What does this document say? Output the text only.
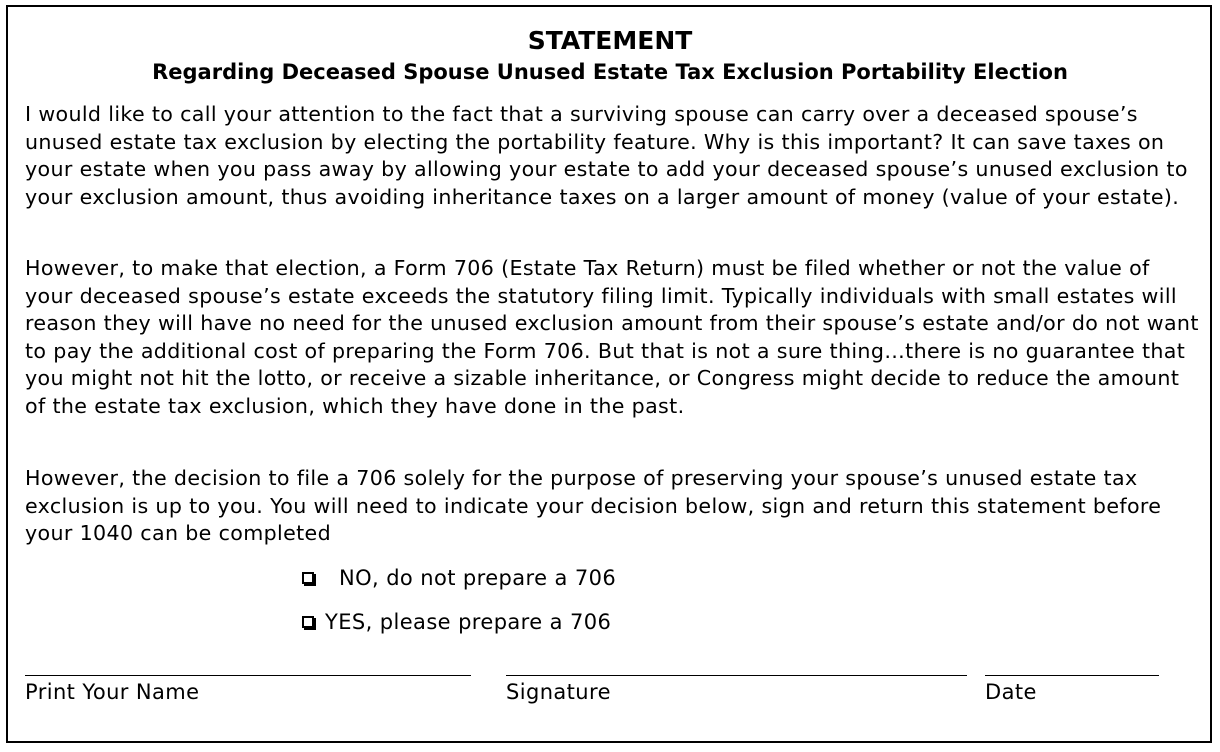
STATEMENT
Regarding Deceased Spouse Unused Estate Tax Exclusion Portability Election

I would like to call your attention to the fact that a surviving spouse can carry over a deceased spouse’s unused estate tax exclusion by electing the portability feature. Why is this important? It can save taxes on your estate when you pass away by allowing your estate to add your deceased spouse’s unused exclusion to your exclusion amount, thus avoiding inheritance taxes on a larger amount of money (value of your estate).

However, to make that election, a Form 706 (Estate Tax Return) must be filed whether or not the value of your deceased spouse’s estate exceeds the statutory filing limit. Typically individuals with small estates will reason they will have no need for the unused exclusion amount from their spouse’s estate and/or do not want to pay the additional cost of preparing the Form 706. But that is not a sure thing…there is no guarantee that you might not hit the lotto, or receive a sizable inheritance, or Congress might decide to reduce the amount of the estate tax exclusion, which they have done in the past.

However, the decision to file a 706 solely for the purpose of preserving your spouse’s unused estate tax exclusion is up to you. You will need to indicate your decision below, sign and return this statement before your 1040 can be completed

NO, do not prepare a 706
YES, please prepare a 706
Print Your Name	Signature	Date
